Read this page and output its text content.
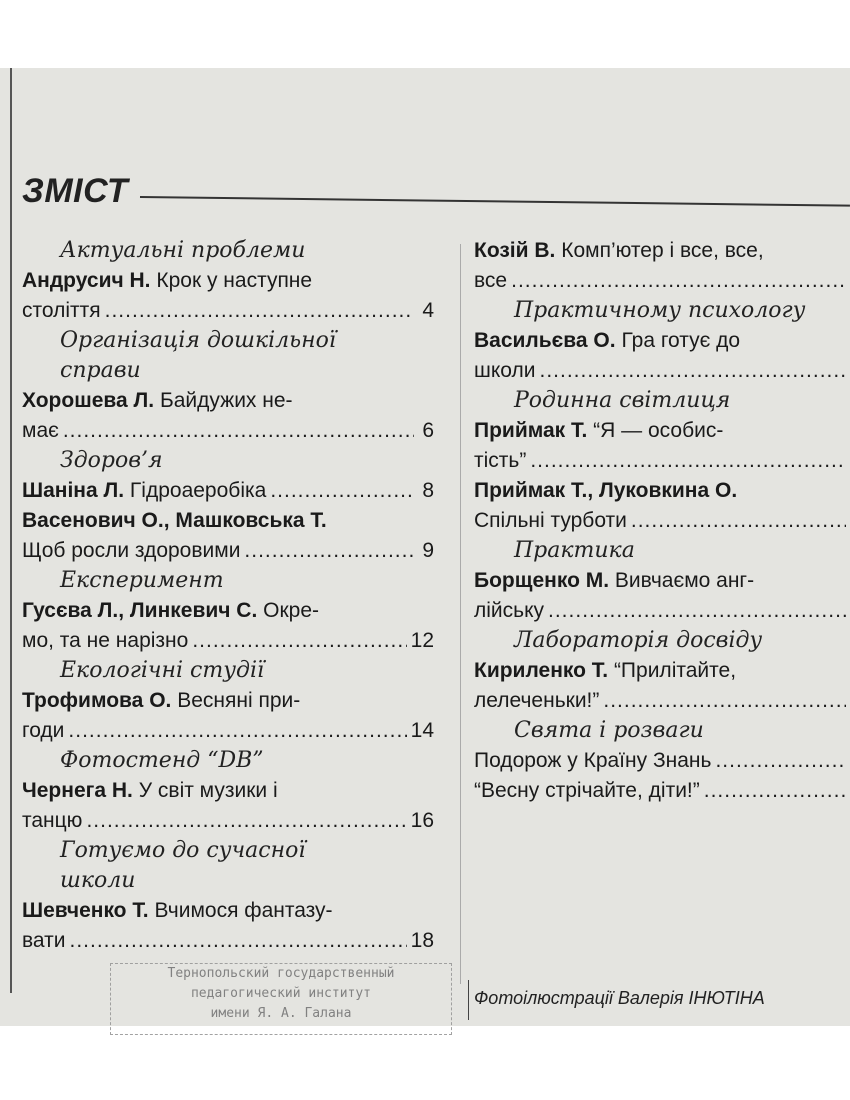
ЗМІСТ
Актуальні проблеми
Андрусич Н.
Крок у наступне
століття .....	4
Організація дошкільної
справи
Хорошева Л.
Байдужих не-
має .....	6
Здоров’я
Шаніна Л.
Гідроаеробіка .....	8
Васенович О., Машковська Т.
Щоб росли здоровими .....	9
Експеримент
Гусєва Л., Линкевич С.
Окре-
мо, та не нарізно .....	12
Екологічні студії
Трофимова О.
Весняні при-
годи .....	14
Фотостенд “DB”
Чернега Н.
У світ музики і
танцю .....	16
Готуємо до сучасної
школи
Шевченко Т.
Вчимося фантазу-
вати .....	18
Козій В.
Комп’ютер і все, все,
все
.....
Практичному психологу
Васильєва О.
Гра готує до
школи
.....
Родинна світлиця
Приймак Т.
“Я — особис-
тість”
.....
Приймак Т., Луковкина О.
Спільні турботи
.....
Практика
Борщенко М.
Вивчаємо анг-
лійську
.....
Лабораторія досвіду
Кириленко Т.
“Прилітайте,
лелеченьки!”
.....
Свята і розваги
Подорож у Країну Знань
.....
“Весну стрічайте, діти!”
.....
Тернопольский государственный
педагогический институт
имени Я. А. Галана
Фотоілюстрації Валерія ІНЮТІНА
